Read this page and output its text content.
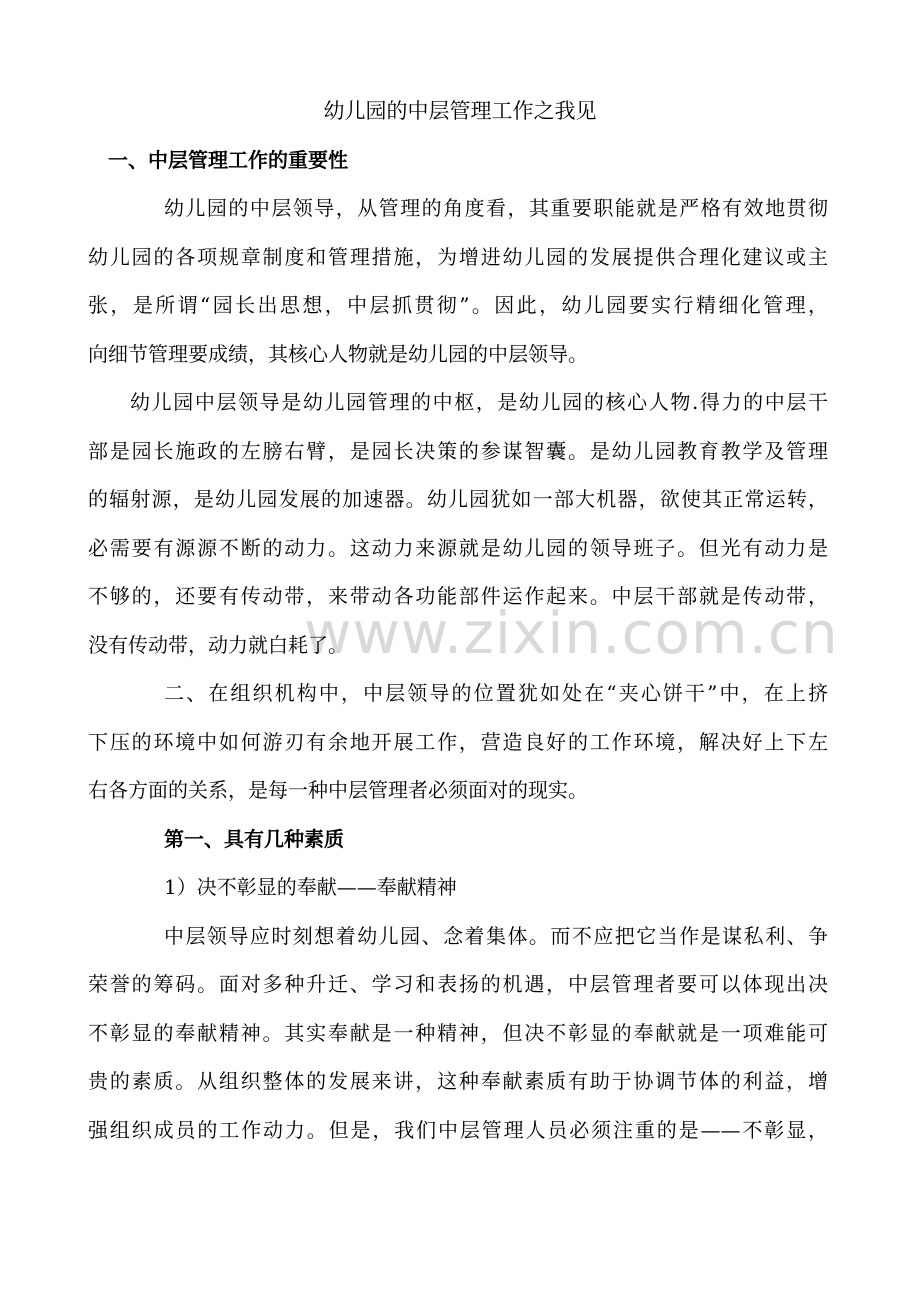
www.zixin.com.cn
幼儿园的中层管理工作之我见
一、中层管理工作的重要性
幼儿园的中层领导，从管理的角度看，其重要职能就是严格有效地贯彻
幼儿园的各项规章制度和管理措施，为增进幼儿园的发展提供合理化建议或主
张，是所谓“园长出思想，中层抓贯彻”。因此，幼儿园要实行精细化管理，
向细节管理要成绩，其核心人物就是幼儿园的中层领导。
幼儿园中层领导是幼儿园管理的中枢，是幼儿园的核心人物.得力的中层干
部是园长施政的左膀右臂，是园长决策的参谋智囊。是幼儿园教育教学及管理
的辐射源，是幼儿园发展的加速器。幼儿园犹如一部大机器，欲使其正常运转，
必需要有源源不断的动力。这动力来源就是幼儿园的领导班子。但光有动力是
不够的，还要有传动带，来带动各功能部件运作起来。中层干部就是传动带，
没有传动带，动力就白耗了。
二、在组织机构中，中层领导的位置犹如处在“夹心饼干”中，在上挤
下压的环境中如何游刃有余地开展工作，营造良好的工作环境，解决好上下左
右各方面的关系，是每一种中层管理者必须面对的现实。
第一、具有几种素质
1）决不彰显的奉献——奉献精神
中层领导应时刻想着幼儿园、念着集体。而不应把它当作是谋私利、争
荣誉的筹码。面对多种升迁、学习和表扬的机遇，中层管理者要可以体现出决
不彰显的奉献精神。其实奉献是一种精神，但决不彰显的奉献就是一项难能可
贵的素质。从组织整体的发展来讲，这种奉献素质有助于协调节体的利益，增
强组织成员的工作动力。但是，我们中层管理人员必须注重的是——不彰显，
